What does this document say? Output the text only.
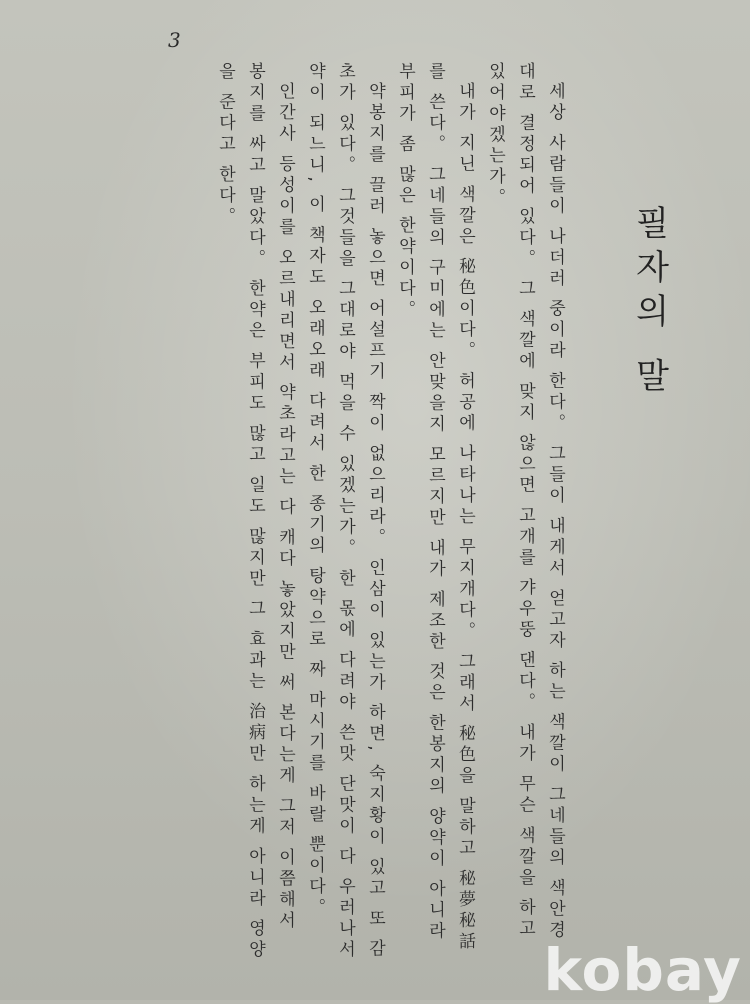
3
필자의 말

세상 사람들이 나더러 중이라 한다。 그들이 내게서 얻고자 하는 색깔이 그네들의 색안경대로 결정되어 있다。 그 색깔에 맞지 않으면 고개를 갸우뚱 댄다。 내가 무슨 색깔을 하고 있어야겠는가。

내가 지닌 색깔은 秘色이다。 허공에 나타나는 무지개다。 그래서 秘色을 말하고 秘夢秘話를 쓴다。 그네들의 구미에는 안맞을지 모르지만 내가 제조한 것은 한봉지의 양약이 아니라 부피가 좀 많은 한약이다。

약봉지를 끌러 놓으면 어설프기 짝이 없으리라。 인삼이 있는가 하면, 숙지황이 있고 또 감초가 있다。 그것들을 그대로야 먹을 수 있겠는가。 한 몫에 다려야 쓴맛 단맛이 다 우러나서 약이 되느니, 이 책자도 오래오래 다려서 한 종기의 탕약으로 짜 마시기를 바랄 뿐이다。

인간사 등성이를 오르내리면서 약초라고는 다 캐다 놓았지만 써 본다는게 그저 이쯤해서 봉지를 싸고 말았다。 한약은 부피도 많고 일도 많지만 그 효과는 治病만 하는게 아니라 영양을 준다고 한다。

kobay
